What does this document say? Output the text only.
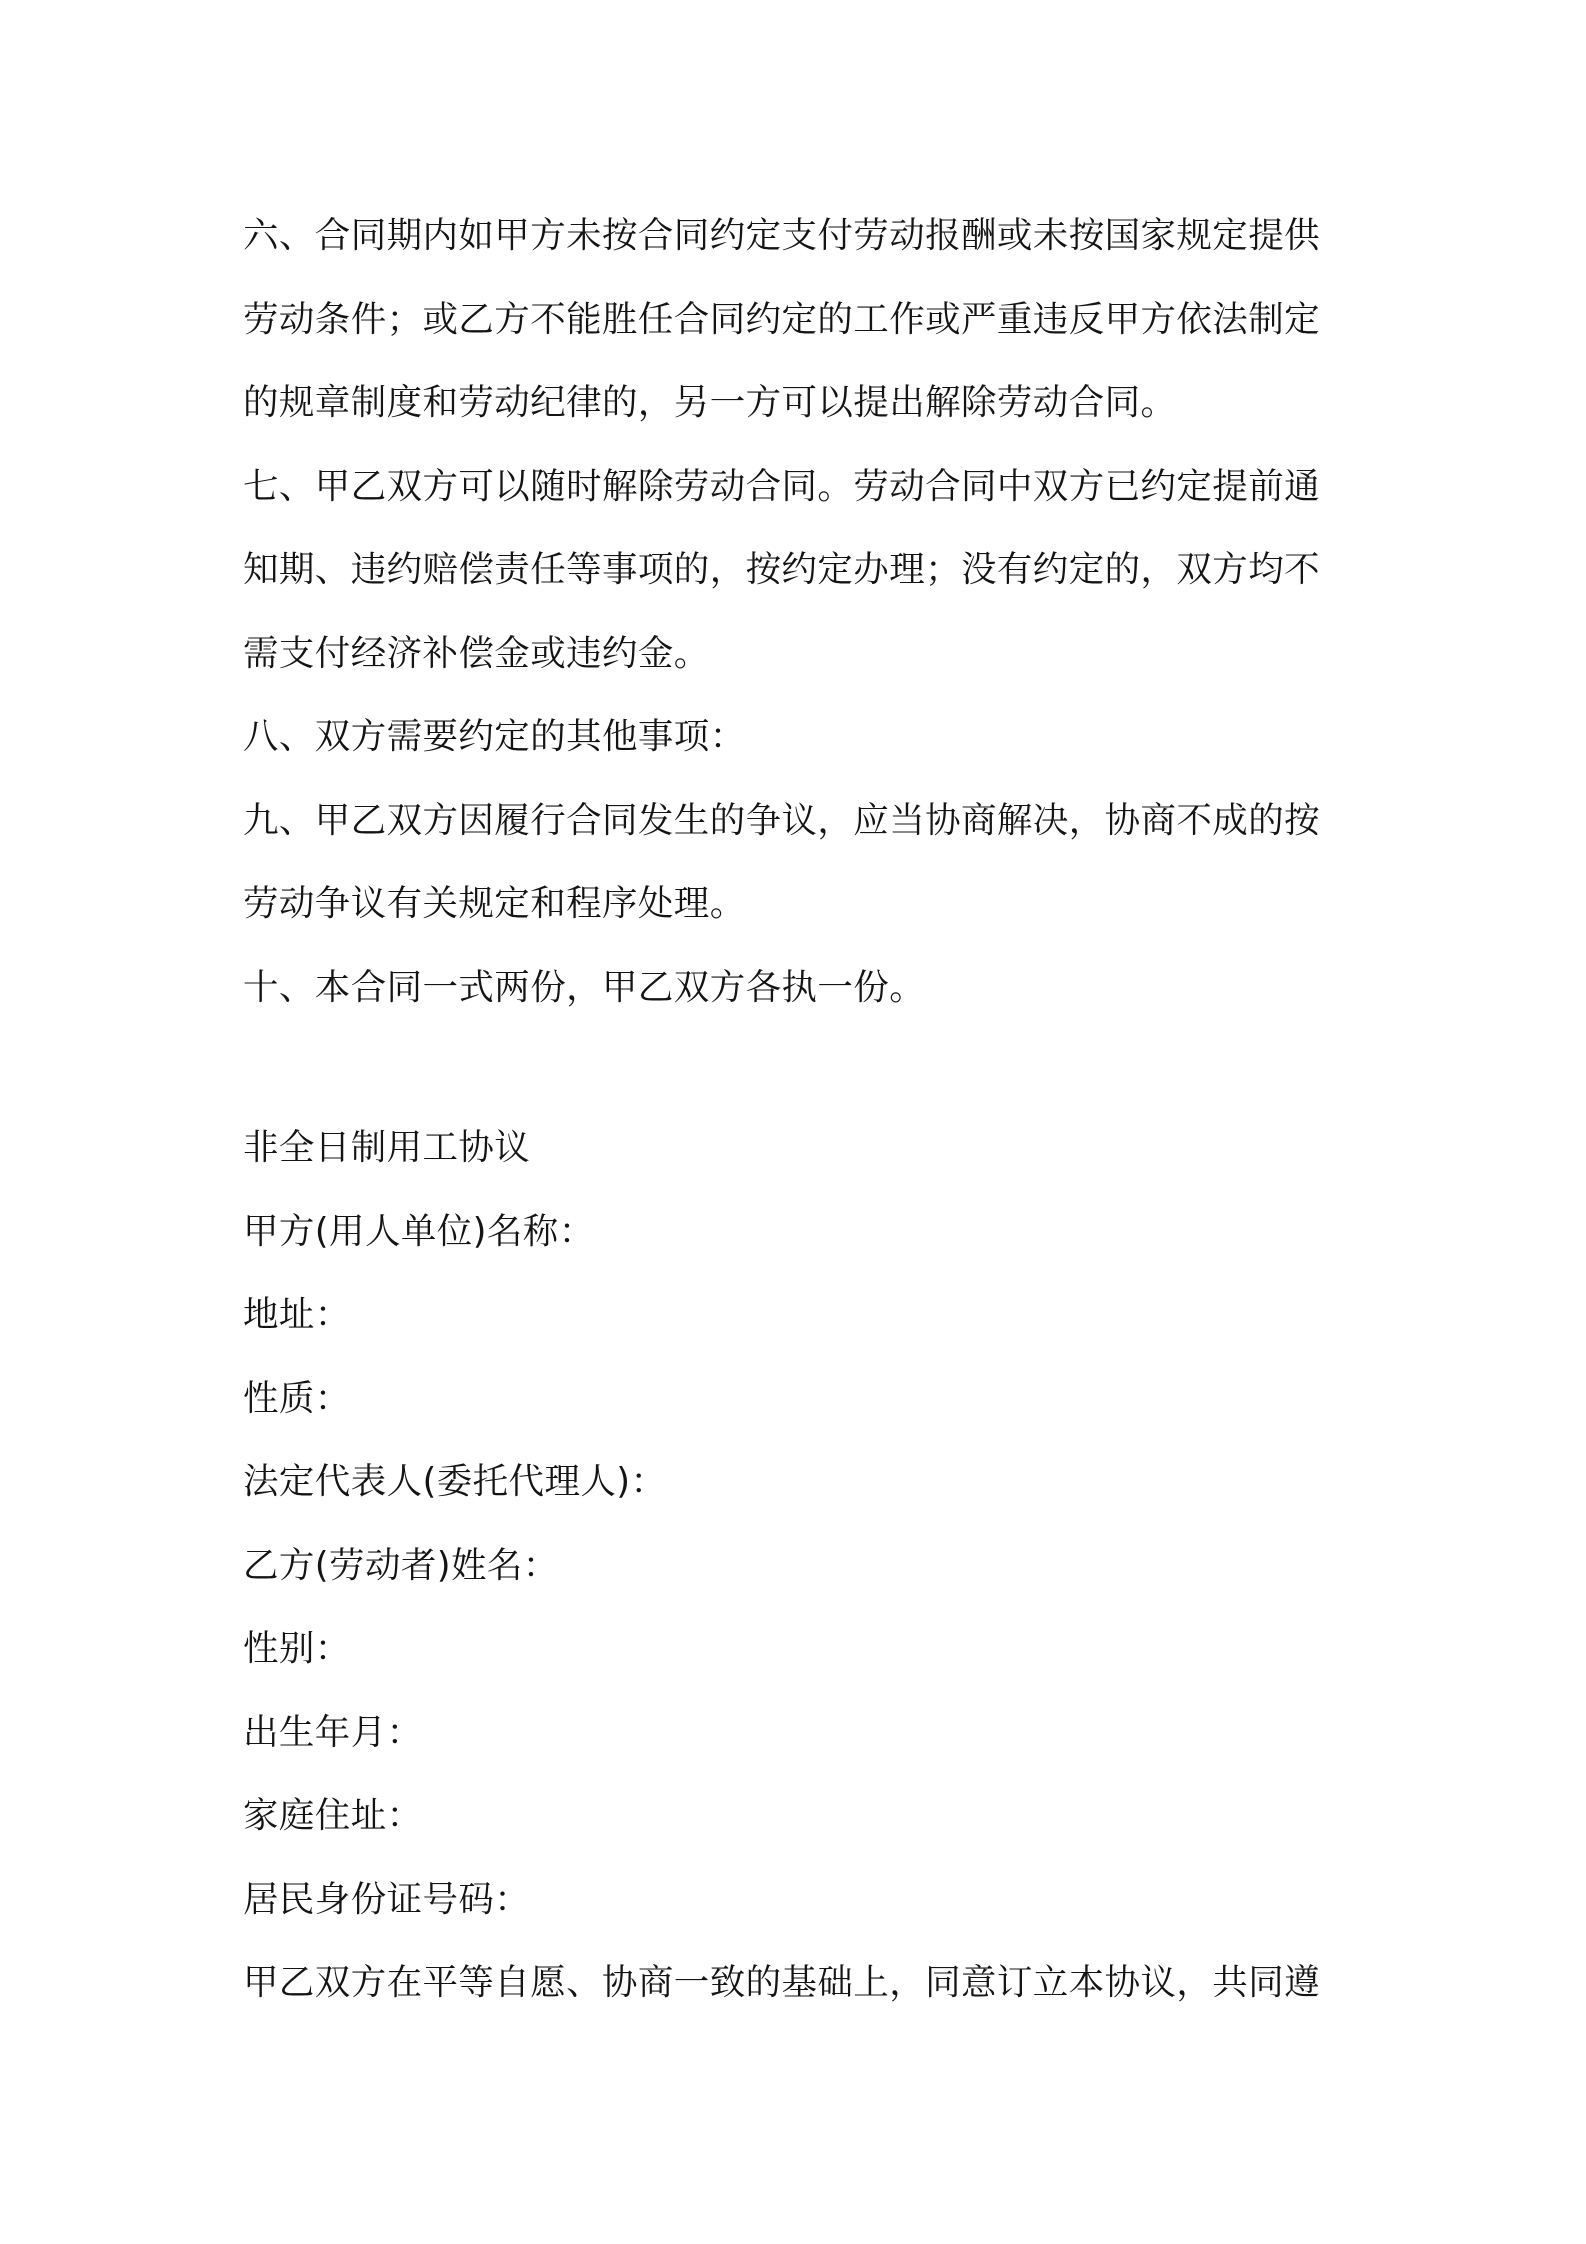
六、合同期内如甲方未按合同约定支付劳动报酬或未按国家规定提供
劳动条件；或乙方不能胜任合同约定的工作或严重违反甲方依法制定
的规章制度和劳动纪律的，另一方可以提出解除劳动合同。
七、甲乙双方可以随时解除劳动合同。劳动合同中双方已约定提前通
知期、违约赔偿责任等事项的，按约定办理；没有约定的，双方均不
需支付经济补偿金或违约金。
八、双方需要约定的其他事项：
九、甲乙双方因履行合同发生的争议，应当协商解决，协商不成的按
劳动争议有关规定和程序处理。
十、本合同一式两份，甲乙双方各执一份。
非全日制用工协议
甲方(用人单位)名称：
地址：
性质：
法定代表人(委托代理人)：
乙方(劳动者)姓名：
性别：
出生年月：
家庭住址：
居民身份证号码：
甲乙双方在平等自愿、协商一致的基础上，同意订立本协议，共同遵
